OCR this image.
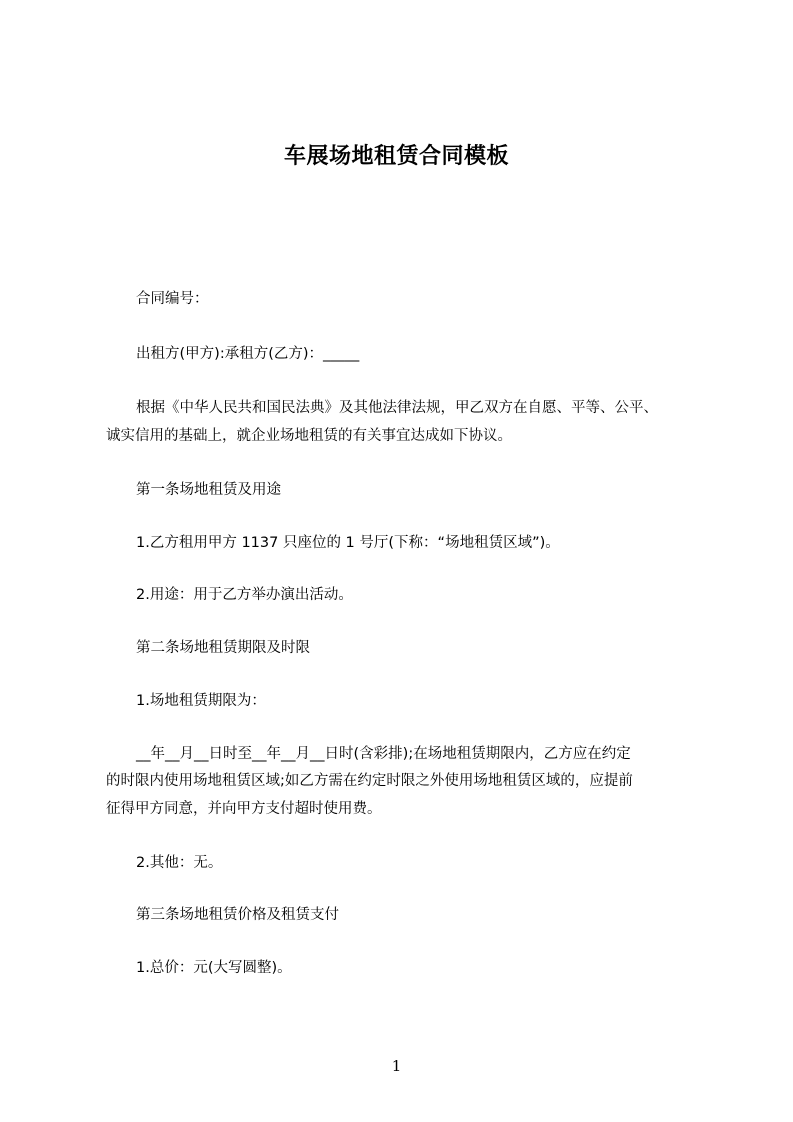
车展场地租赁合同模板

合同编号：

出租方(甲方):承租方(乙方)：_____

根据《中华人民共和国民法典》及其他法律法规，甲乙双方在自愿、平等、公平、

诚实信用的基础上，就企业场地租赁的有关事宜达成如下协议。

第一条场地租赁及用途

1.乙方租用甲方 1137 只座位的 1 号厅(下称：“场地租赁区域”)。

2.用途：用于乙方举办演出活动。

第二条场地租赁期限及时限

1.场地租赁期限为：

__年__月__日时至__年__月__日时(含彩排);在场地租赁期限内，乙方应在约定

的时限内使用场地租赁区域;如乙方需在约定时限之外使用场地租赁区域的，应提前

征得甲方同意，并向甲方支付超时使用费。

2.其他：无。

第三条场地租赁价格及租赁支付

1.总价：元(大写圆整)。

1
